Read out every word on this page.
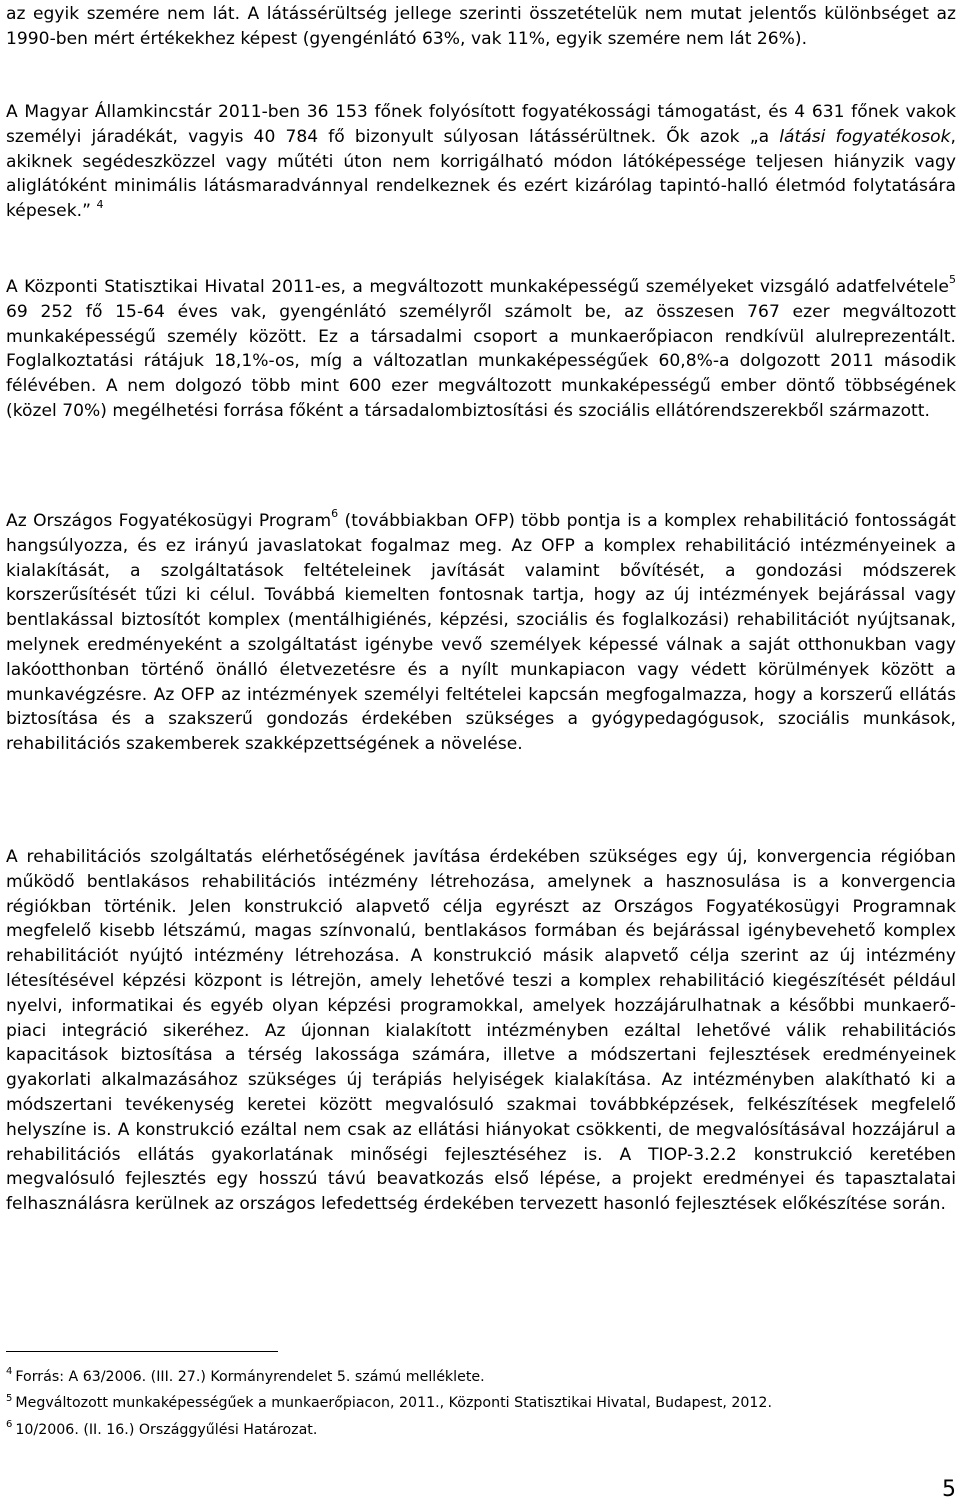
az egyik szemére nem lát. A látássérültség jellege szerinti összetételük nem mutat jelentős különbséget az 1990-ben mért értékekhez képest (gyengénlátó 63%, vak 11%, egyik szemére nem lát 26%).

A Magyar Államkincstár 2011-ben 36 153 főnek folyósított fogyatékossági támogatást, és 4 631 főnek vakok személyi járadékát, vagyis 40 784 fő bizonyult súlyosan látássérültnek. Ők azok „a látási fogyatékosok, akiknek segédeszközzel vagy műtéti úton nem korrigálható módon látóképessége teljesen hiányzik vagy aliglátóként minimális látásmaradvánnyal rendelkeznek és ezért kizárólag tapintó-halló életmód folytatására képesek.” $^4$

A Központi Statisztikai Hivatal 2011-es, a megváltozott munkaképességű személyeket vizsgáló adatfelvétele$^5$ 69 252 fő 15-64 éves vak, gyengénlátó személyről számolt be, az összesen 767 ezer megváltozott munkaképességű személy között. Ez a társadalmi csoport a munkaerőpiacon rendkívül alulreprezentált. Foglalkoztatási rátájuk 18,1%-os, míg a változatlan munkaképességűek 60,8%-a dolgozott 2011 második félévében. A nem dolgozó több mint 600 ezer megváltozott munkaképességű ember döntő többségének (közel 70%) megélhetési forrása főként a társadalombiztosítási és szociális ellátórendszerekből származott.

Az Országos Fogyatékosügyi Program$^6$ (továbbiakban OFP) több pontja is a komplex rehabilitáció fontosságát hangsúlyozza, és ez irányú javaslatokat fogalmaz meg. Az OFP a komplex rehabilitáció intézményeinek a kialakítását, a szolgáltatások feltételeinek javítását valamint bővítését, a gondozási módszerek korszerűsítését tűzi ki célul. Továbbá kiemelten fontosnak tartja, hogy az új intézmények bejárással vagy bentlakással biztosítót komplex (mentálhigiénés, képzési, szociális és foglalkozási) rehabilitációt nyújtsanak, melynek eredményeként a szolgáltatást igénybe vevő személyek képessé válnak a saját otthonukban vagy lakóotthonban történő önálló életvezetésre és a nyílt munkapiacon vagy védett körülmények között a munkavégzésre. Az OFP az intézmények személyi feltételei kapcsán megfogalmazza, hogy a korszerű ellátás biztosítása és a szakszerű gondozás érdekében szükséges a gyógypedagógusok, szociális munkások, rehabilitációs szakemberek szakképzettségének a növelése.

A rehabilitációs szolgáltatás elérhetőségének javítása érdekében szükséges egy új, konvergencia régióban működő bentlakásos rehabilitációs intézmény létrehozása, amelynek a hasznosulása is a konvergencia régiókban történik. Jelen konstrukció alapvető célja egyrészt az Országos Fogyatékosügyi Programnak megfelelő kisebb létszámú, magas színvonalú, bentlakásos formában és bejárással igénybevehető komplex rehabilitációt nyújtó intézmény létrehozása. A konstrukció másik alapvető célja szerint az új intézmény létesítésével képzési központ is létrejön, amely lehetővé teszi a komplex rehabilitáció kiegészítését például nyelvi, informatikai és egyéb olyan képzési programokkal, amelyek hozzájárulhatnak a későbbi munkaerő-piaci integráció sikeréhez. Az újonnan kialakított intézményben ezáltal lehetővé válik rehabilitációs kapacitások biztosítása a térség lakossága számára, illetve a módszertani fejlesztések eredményeinek gyakorlati alkalmazásához szükséges új terápiás helyiségek kialakítása. Az intézményben alakítható ki a módszertani tevékenység keretei között megvalósuló szakmai továbbképzések, felkészítések megfelelő helyszíne is. A konstrukció ezáltal nem csak az ellátási hiányokat csökkenti, de megvalósításával hozzájárul a rehabilitációs ellátás gyakorlatának minőségi fejlesztéséhez is. A TIOP-3.2.2 konstrukció keretében megvalósuló fejlesztés egy hosszú távú beavatkozás első lépése, a projekt eredményei és tapasztalatai felhasználásra kerülnek az országos lefedettség érdekében tervezett hasonló fejlesztések előkészítése során.

$^4$ Forrás: A 63/2006. (III. 27.) Kormányrendelet 5. számú melléklete.
$^5$ Megváltozott munkaképességűek a munkaerőpiacon, 2011., Központi Statisztikai Hivatal, Budapest, 2012.
$^6$ 10/2006. (II. 16.) Országgyűlési Határozat.
5
